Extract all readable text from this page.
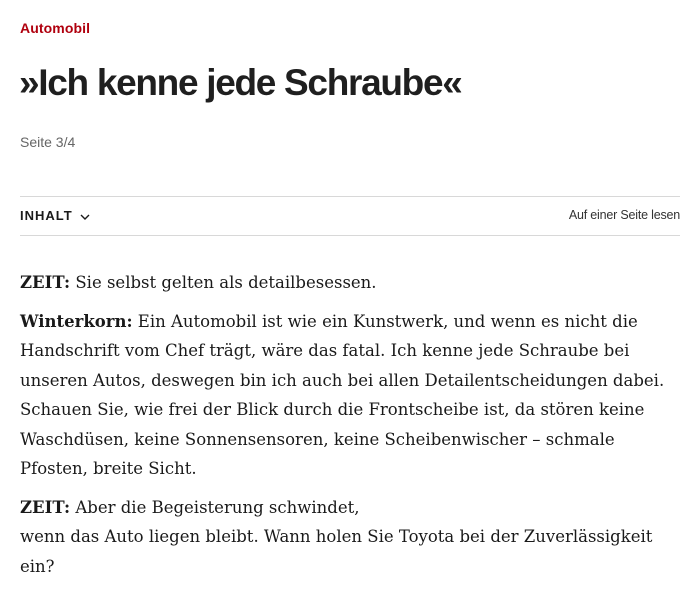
Automobil
»Ich kenne jede Schraube«
Seite 3/4
INHALT	Auf einer Seite lesen

ZEIT: Sie selbst gelten als detailbesessen.

Winterkorn: Ein Automobil ist wie ein Kunstwerk, und wenn es nicht die Handschrift vom Chef trägt, wäre das fatal. Ich kenne jede Schraube bei unseren Autos, deswegen bin ich auch bei allen Detailentscheidungen dabei. Schauen Sie, wie frei der Blick durch die Frontscheibe ist, da stören keine Waschdüsen, keine Sonnensensoren, keine Scheibenwischer – schmale Pfosten, breite Sicht.

ZEIT: Aber die Begeisterung schwindet,
wenn das Auto liegen bleibt. Wann holen Sie Toyota bei der Zuverlässigkeit ein?
